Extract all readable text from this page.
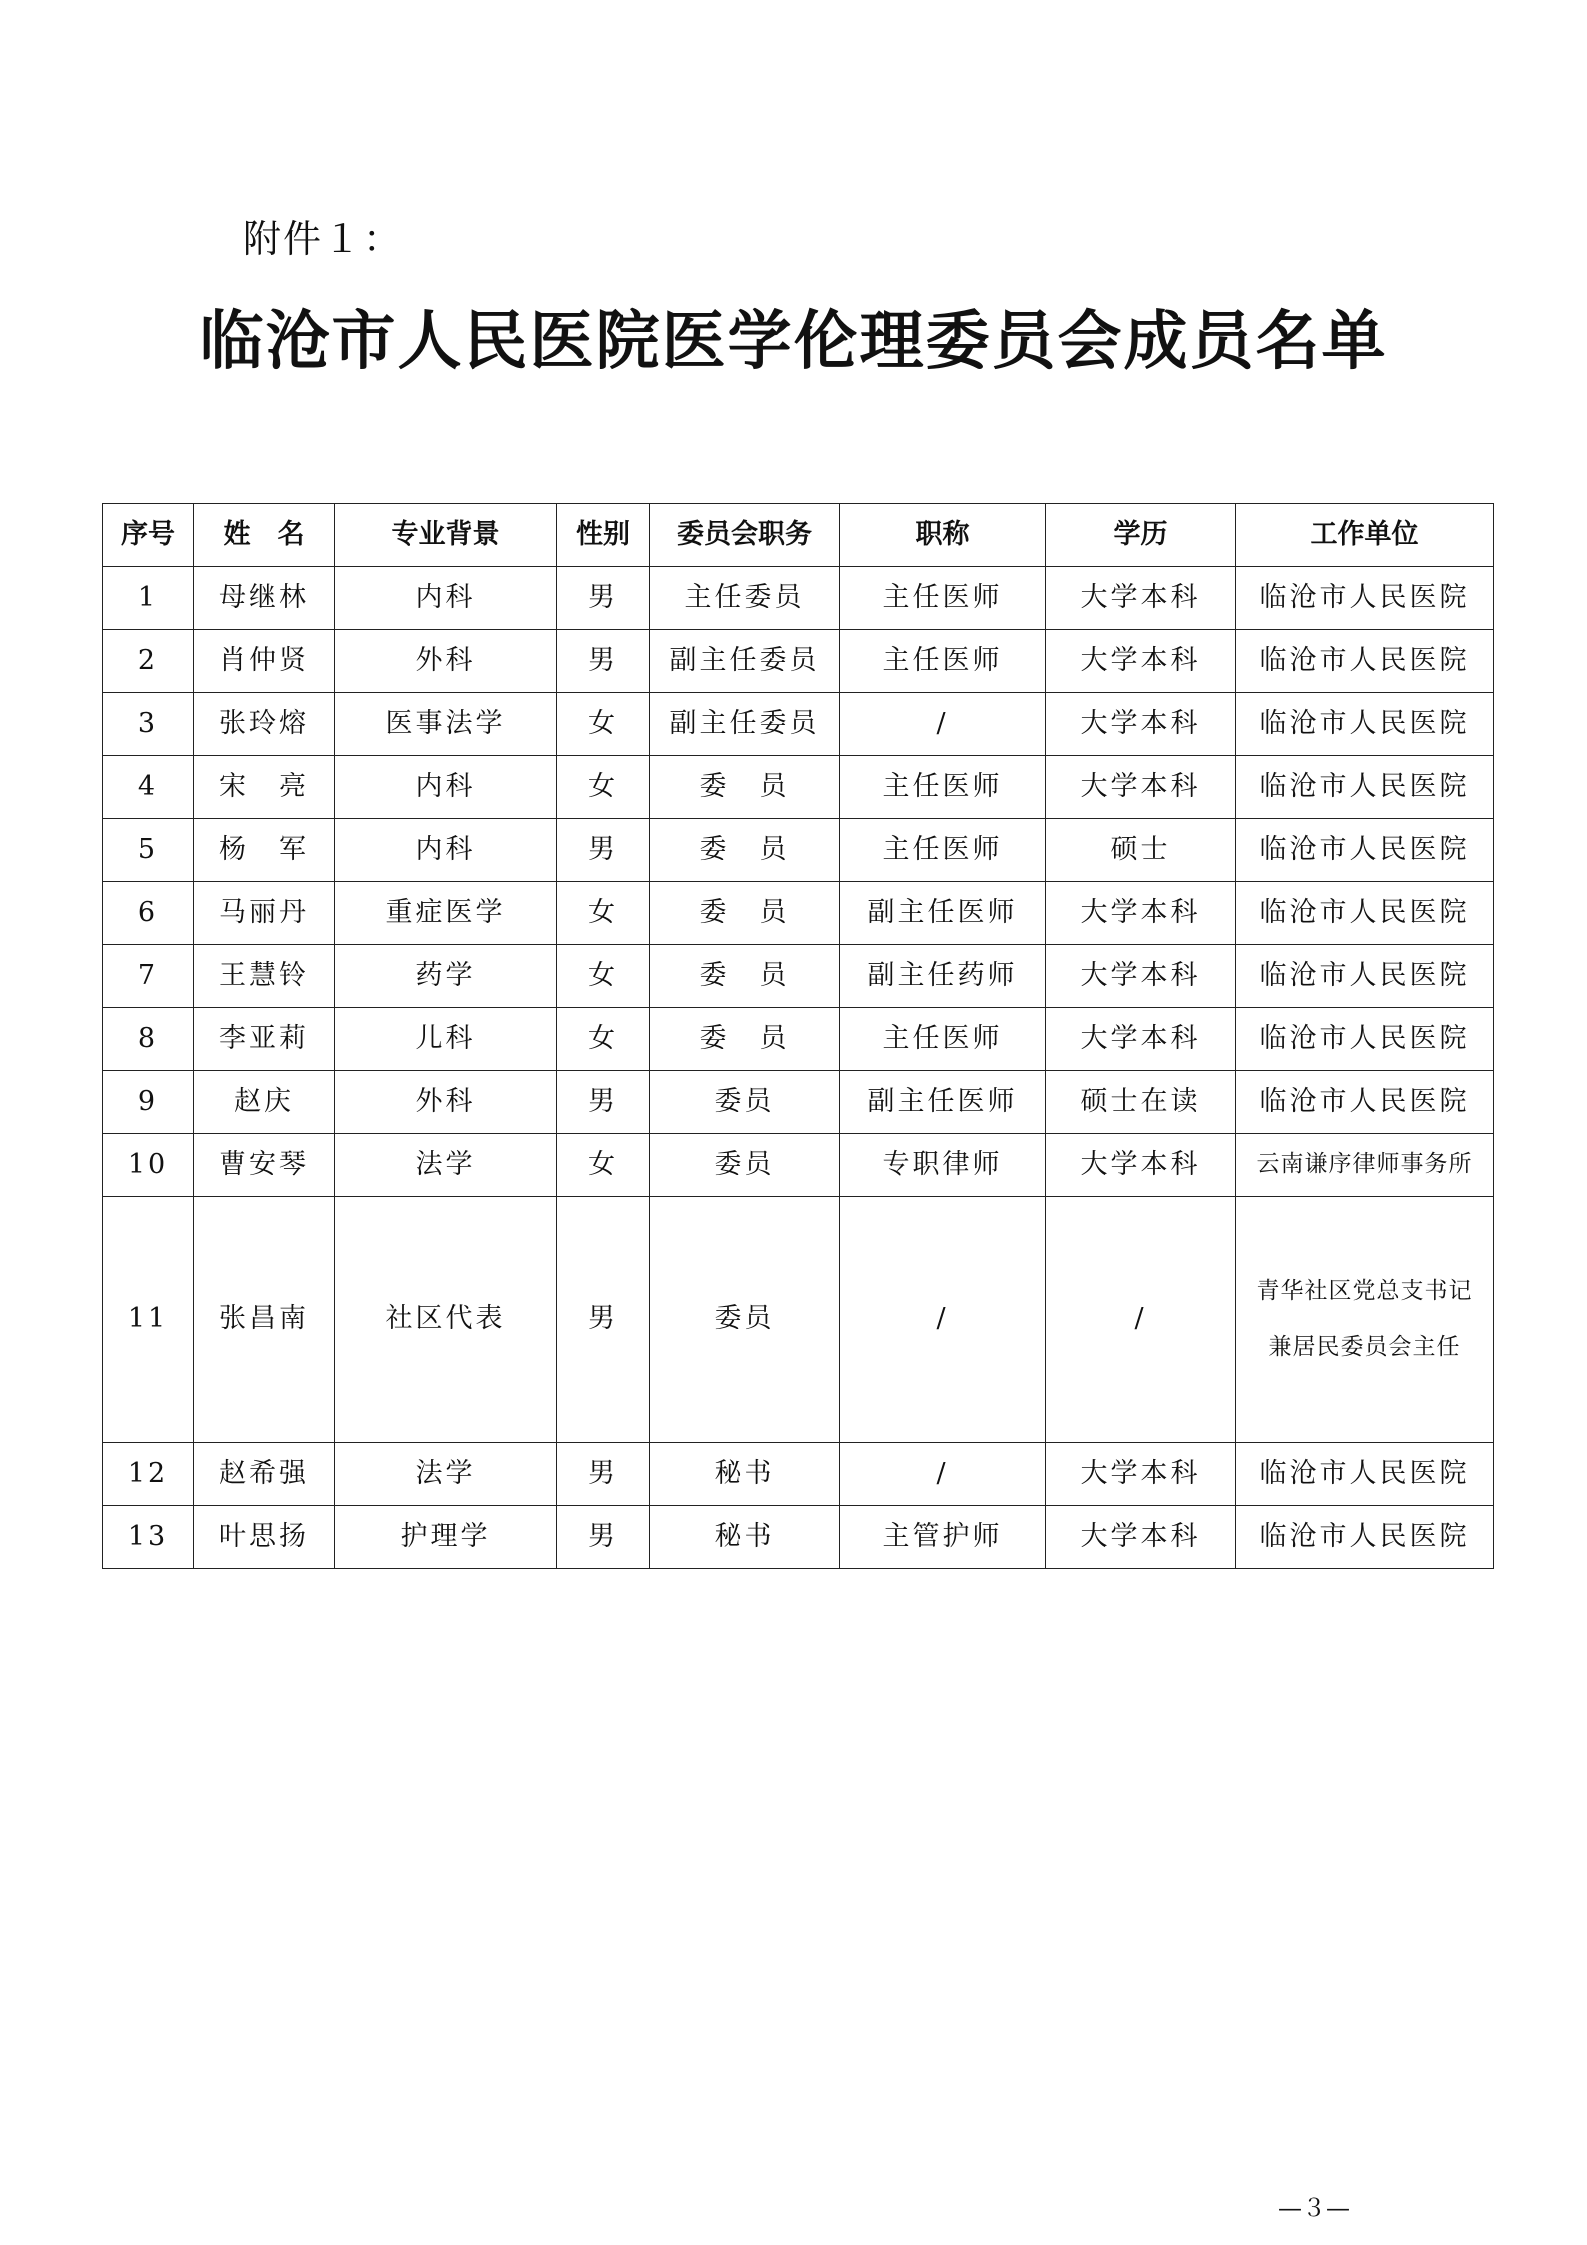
附件１：
临沧市人民医院医学伦理委员会成员名单
序号	姓　名	专业背景	性别	委员会职务	职称	学历	工作单位
1	母继林	内科	男	主任委员	主任医师	大学本科	临沧市人民医院
2	肖仲贤	外科	男	副主任委员	主任医师	大学本科	临沧市人民医院
3	张玲熔	医事法学	女	副主任委员	/	大学本科	临沧市人民医院
4	宋　亮	内科	女	委　员	主任医师	大学本科	临沧市人民医院
5	杨　军	内科	男	委　员	主任医师	硕士	临沧市人民医院
6	马丽丹	重症医学	女	委　员	副主任医师	大学本科	临沧市人民医院
7	王慧铃	药学	女	委　员	副主任药师	大学本科	临沧市人民医院
8	李亚莉	儿科	女	委　员	主任医师	大学本科	临沧市人民医院
9	赵庆	外科	男	委员	副主任医师	硕士在读	临沧市人民医院
10	曹安琴	法学	女	委员	专职律师	大学本科	云南谦序律师事务所
11	张昌南	社区代表	男	委员	/	/	青华社区党总支书记
兼居民委员会主任

12	赵希强	法学	男	秘书	/	大学本科	临沧市人民医院
13	叶思扬	护理学	男	秘书	主管护师	大学本科	临沧市人民医院
—３—
